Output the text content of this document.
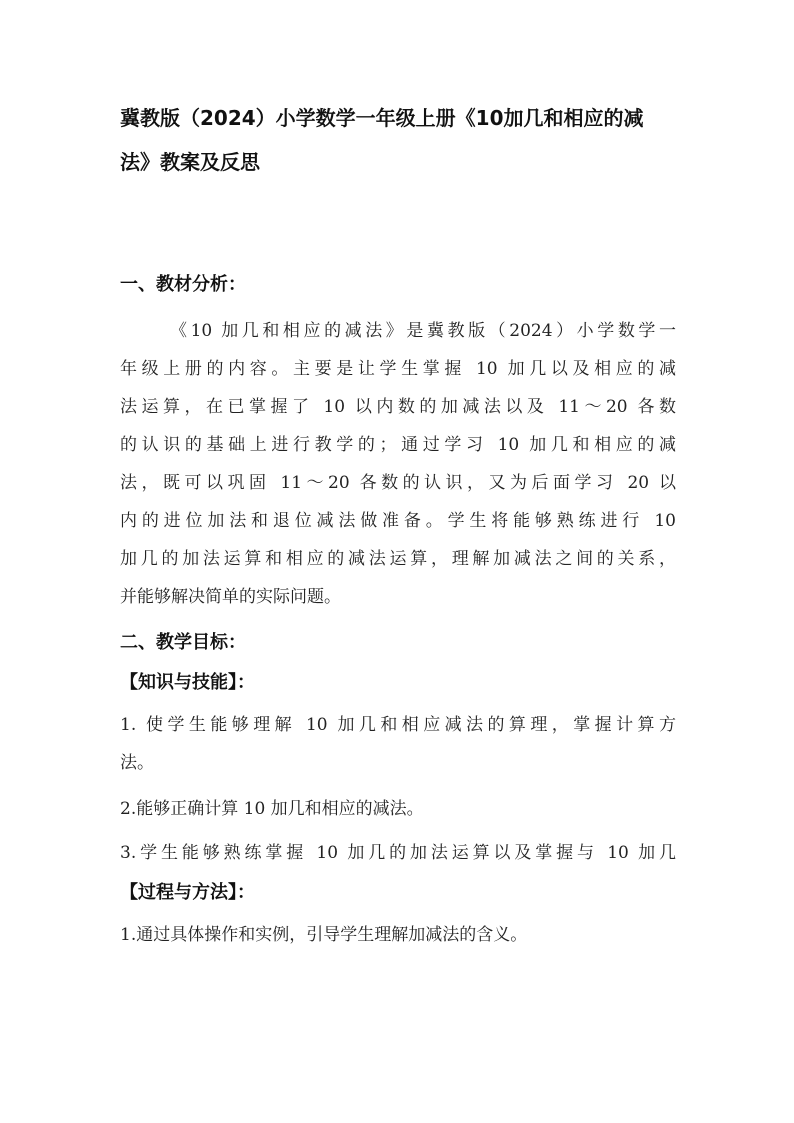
冀教版（2024）小学数学一年级上册《10加几和相应的减
法》教案及反思
一、教材分析：
《10 加几和相应的减法》是冀教版（2024）小学数学一
年级上册的内容。主要是让学生掌握 10 加几以及相应的减
法运算，在已掌握了 10 以内数的加减法以及 11～20 各数
的认识的基础上进行教学的；通过学习 10 加几和相应的减
法，既可以巩固 11～20 各数的认识，又为后面学习 20 以
内的进位加法和退位减法做准备。学生将能够熟练进行 10
加几的加法运算和相应的减法运算，理解加减法之间的关系，
并能够解决简单的实际问题。
二、教学目标：
【知识与技能】：
1. 使学生能够理解 10 加几和相应减法的算理，掌握计算方
法。
2.能够正确计算 10 加几和相应的减法。
3.学生能够熟练掌握 10 加几的加法运算以及掌握与 10 加几
【过程与方法】：
1.通过具体操作和实例，引导学生理解加减法的含义。
